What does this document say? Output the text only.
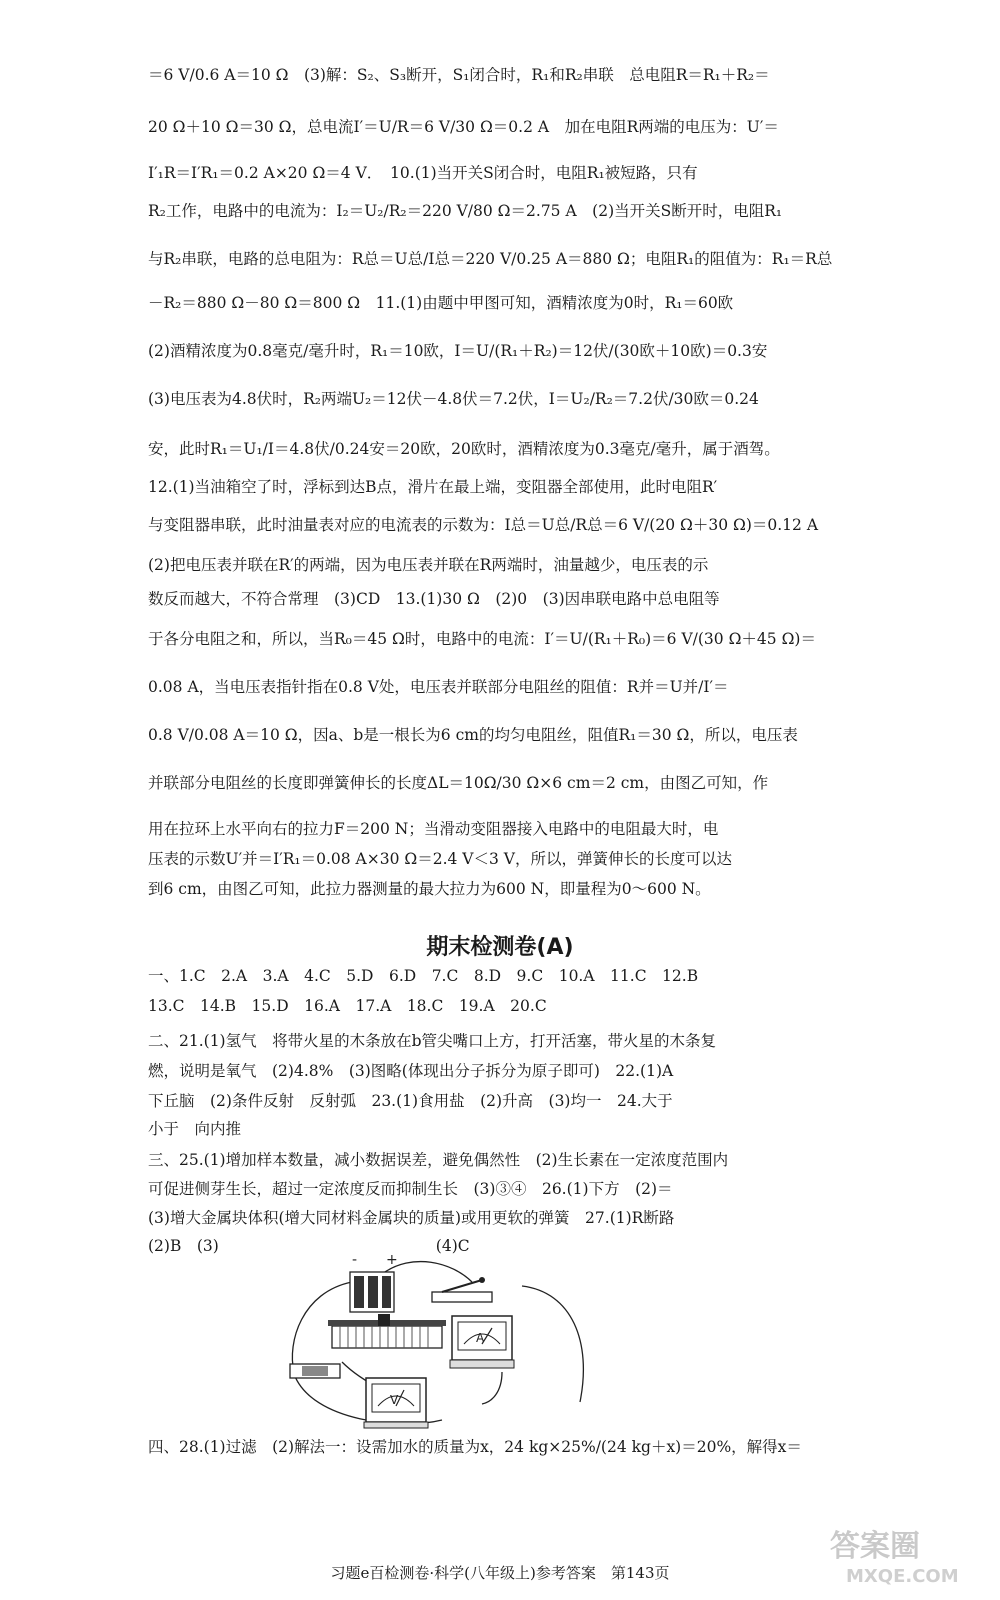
＝6 V/0.6 A＝10 Ω　(3)解：S₂、S₃断开，S₁闭合时，R₁和R₂串联　总电阻R＝R₁＋R₂＝
20 Ω＋10 Ω＝30 Ω，总电流I′＝U/R＝6 V/30 Ω＝0.2 A　加在电阻R两端的电压为：U′＝
I′₁R＝I′R₁＝0.2 A×20 Ω＝4 V．　10.(1)当开关S闭合时，电阻R₁被短路，只有
R₂工作，电路中的电流为：I₂＝U₂/R₂＝220 V/80 Ω＝2.75 A　(2)当开关S断开时，电阻R₁
与R₂串联，电路的总电阻为：R总＝U总/I总＝220 V/0.25 A＝880 Ω；电阻R₁的阻值为：R₁＝R总
－R₂＝880 Ω－80 Ω＝800 Ω　11.(1)由题中甲图可知，酒精浓度为0时，R₁＝60欧
(2)酒精浓度为0.8毫克/毫升时，R₁＝10欧，I＝U/(R₁＋R₂)＝12伏/(30欧＋10欧)＝0.3安
(3)电压表为4.8伏时，R₂两端U₂＝12伏－4.8伏＝7.2伏，I＝U₂/R₂＝7.2伏/30欧＝0.24
安，此时R₁＝U₁/I＝4.8伏/0.24安＝20欧，20欧时，酒精浓度为0.3毫克/毫升，属于酒驾。
12.(1)当油箱空了时，浮标到达B点，滑片在最上端，变阻器全部使用，此时电阻R′
与变阻器串联，此时油量表对应的电流表的示数为：I总＝U总/R总＝6 V/(20 Ω＋30 Ω)＝0.12 A
(2)把电压表并联在R′的两端，因为电压表并联在R两端时，油量越少，电压表的示
数反而越大，不符合常理　(3)CD　13.(1)30 Ω　(2)0　(3)因串联电路中总电阻等
于各分电阻之和，所以，当R₀＝45 Ω时，电路中的电流：I′＝U/(R₁＋R₀)＝6 V/(30 Ω＋45 Ω)＝
0.08 A，当电压表指针指在0.8 V处，电压表并联部分电阻丝的阻值：R并＝U并/I′＝
0.8 V/0.08 A＝10 Ω，因a、b是一根长为6 cm的均匀电阻丝，阻值R₁＝30 Ω，所以，电压表
并联部分电阻丝的长度即弹簧伸长的长度ΔL＝10Ω/30 Ω×6 cm＝2 cm，由图乙可知，作
用在拉环上水平向右的拉力F＝200 N；当滑动变阻器接入电路中的电阻最大时，电
压表的示数U′并＝I′R₁＝0.08 A×30 Ω＝2.4 V＜3 V，所以，弹簧伸长的长度可以达
到6 cm，由图乙可知，此拉力器测量的最大拉力为600 N，即量程为0～600 N。
期末检测卷(A)
一、1.C　2.A　3.A　4.C　5.D　6.D　7.C　8.D　9.C　10.A　11.C　12.B
13.C　14.B　15.D　16.A　17.A　18.C　19.A　20.C
二、21.(1)氢气　将带火星的木条放在b管尖嘴口上方，打开活塞，带火星的木条复
燃，说明是氧气　(2)4.8%　(3)图略(体现出分子拆分为原子即可)　22.(1)A
下丘脑　(2)条件反射　反射弧　23.(1)食用盐　(2)升高　(3)均一　24.大于
小于　向内推
三、25.(1)增加样本数量，减小数据误差，避免偶然性　(2)生长素在一定浓度范围内
可促进侧芽生长，超过一定浓度反而抑制生长　(3)③④　26.(1)下方　(2)＝
(3)增大金属块体积(增大同材料金属块的质量)或用更软的弹簧　27.(1)R断路
(2)B　(3)　　　　　　　　　　　　　　(4)C
四、28.(1)过滤　(2)解法一：设需加水的质量为x，24 kg×25%/(24 kg＋x)＝20%，解得x＝
- +
A
V
习题e百检测卷·科学(八年级上)参考答案　第143页
答案圈
MXQE.COM
